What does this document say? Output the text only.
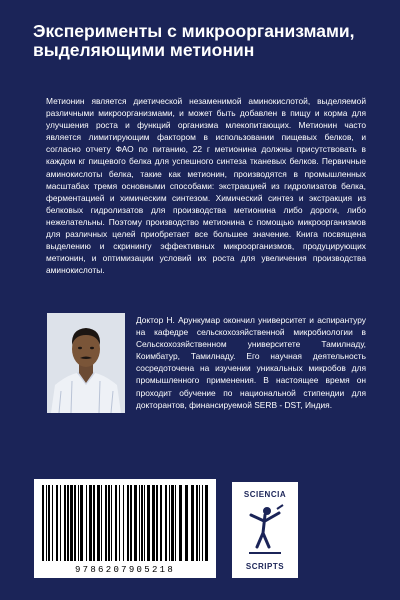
Эксперименты с микроорганизмами, выделяющими метионин
Метионин является диетической незаменимой аминокислотой, выделяемой различными микроорганизмами, и может быть добавлен в пищу и корма для улучшения роста и функций организма млекопитающих. Метионин часто является лимитирующим фактором в использовании пищевых белков, и согласно отчету ФАО по питанию, 22 г метионина должны присутствовать в каждом кг пищевого белка для успешного синтеза тканевых белков. Первичные аминокислоты белка, такие как метионин, производятся в промышленных масштабах тремя основными способами: экстракцией из гидролизатов белка, ферментацией и химическим синтезом. Химический синтез и экстракция из белковых гидролизатов для производства метионина либо дороги, либо нежелательны. Поэтому производство метионина с помощью микроорганизмов для различных целей приобретает все большее значение. Книга посвящена выделению и скринингу эффективных микроорганизмов, продуцирующих метионин, и оптимизации условий их роста для увеличения производства аминокислоты.
Доктор Н. Арункумар окончил университет и аспирантуру на кафедре сельскохозяйственной микробиологии в Сельскохозяйственном университете Тамилнаду, Коимбатур, Тамилнаду. Его научная деятельность сосредоточена на изучении уникальных микробов для промышленного применения. В настоящее время он проходит обучение по национальной стипендии для докторантов, финансируемой SERB - DST, Индия.
9786207905218
SCIENCIA
SCRIPTS
